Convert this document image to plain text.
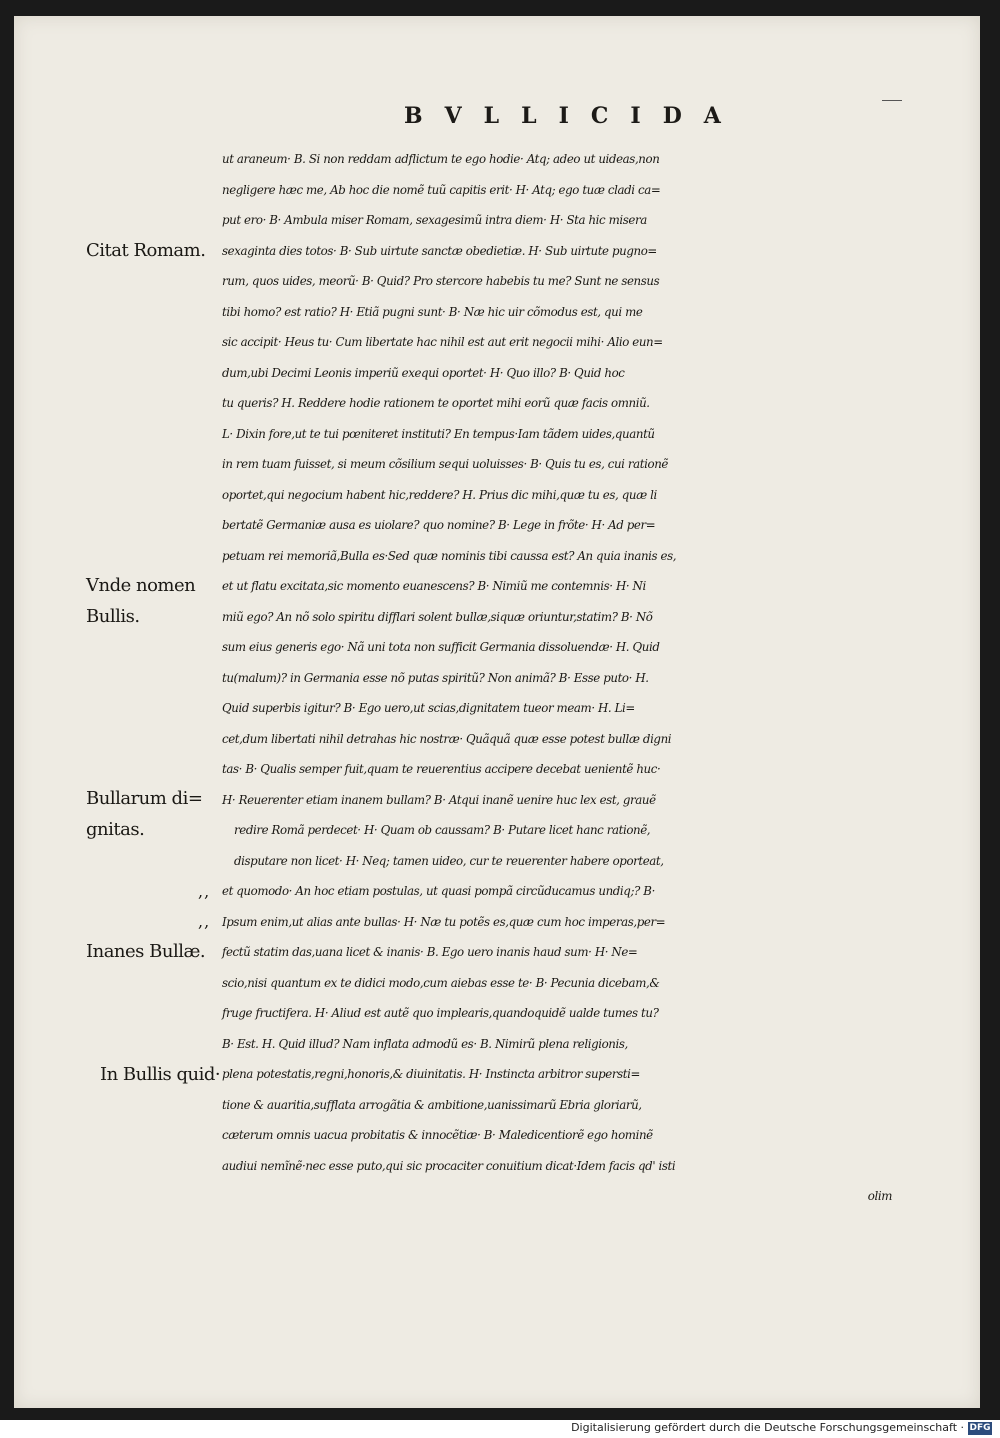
BVLLICIDA
ut araneum· B. Si non reddam adflictum te ego hodie· Atq; adeo ut uideas,non
negligere hæc me, Ab hoc die nomẽ tuũ capitis erit· H· Atq; ego tuæ cladi ca=
put ero· B· Ambula miser Romam, sexagesimũ intra diem· H· Sta hic misera
sexaginta dies totos· B· Sub uirtute sanctæ obedietiæ. H· Sub uirtute pugno=
rum, quos uides, meorũ· B· Quid? Pro stercore habebis tu me? Sunt ne sensus
tibi homo? est ratio? H· Etiã pugni sunt· B· Næ hic uir cõmodus est, qui me
sic accipit· Heus tu· Cum libertate hac nihil est aut erit negocii mihi· Alio eun=
dum,ubi Decimi Leonis imperiũ exequi oportet· H· Quo illo? B· Quid hoc
tu queris? H. Reddere hodie rationem te oportet mihi eorũ quæ facis omniũ.
L· Dixin fore,ut te tui pœniteret instituti? En tempus·Iam tãdem uides,quantũ
in rem tuam fuisset, si meum cõsilium sequi uoluisses· B· Quis tu es, cui rationẽ
oportet,qui negocium habent hic,reddere? H. Prius dic mihi,quæ tu es, quæ li
bertatẽ Germaniæ ausa es uiolare? quo nomine? B· Lege in frõte· H· Ad per=
petuam rei memoriã,Bulla es·Sed quæ nominis tibi caussa est? An quia inanis es,
et ut flatu excitata,sic momento euanescens? B· Nimiũ me contemnis· H· Ni
miũ ego? An nõ solo spiritu difflari solent bullæ,siquæ oriuntur,statim? B· Nõ
sum eius generis ego· Nã uni tota non sufficit Germania dissoluendæ· H. Quid
tu(malum)? in Germania esse nõ putas spiritũ? Non animã? B· Esse puto· H.
Quid superbis igitur? B· Ego uero,ut scias,dignitatem tueor meam· H. Li=
cet,dum libertati nihil detrahas hic nostræ· Quãquã quæ esse potest bullæ digni
tas· B· Qualis semper fuit,quam te reuerentius accipere decebat uenientẽ huc·
H· Reuerenter etiam inanem bullam? B· Atqui inanẽ uenire huc lex est, grauẽ
redire Romã perdecet· H· Quam ob caussam? B· Putare licet hanc rationẽ,
disputare non licet· H· Neq; tamen uideo, cur te reuerenter habere oporteat,
et quomodo· An hoc etiam postulas, ut quasi pompã circũducamus undiq;? B·
Ipsum enim,ut alias ante bullas· H· Næ tu potẽs es,quæ cum hoc imperas,per=
fectũ statim das,uana licet & inanis· B. Ego uero inanis haud sum· H· Ne=
scio,nisi quantum ex te didici modo,cum aiebas esse te· B· Pecunia dicebam,&
fruge fructifera. H· Aliud est autẽ quo implearis,quandoquidẽ ualde tumes tu?
B· Est. H. Quid illud? Nam inflata admodũ es· B. Nimirũ plena religionis,
plena potestatis,regni,honoris,& diuinitatis. H· Instincta arbitror supersti=
tione & auaritia,sufflata arrogãtia & ambitione,uanissimarũ Ebria gloriarũ,
cæterum omnis uacua probitatis & innocẽtiæ· B· Maledicentiorẽ ego hominẽ
audiui nemĩnẽ·nec esse puto,qui sic procaciter conuitium dicat·Idem facis qd' isti
olim
Citat Romam.
Vnde nomen
Bullis.
Bullarum di=
gnitas.
Inanes Bullæ.
In Bullis quid·
,,
,,
Digitalisierung gefördert durch die Deutsche Forschungsgemeinschaft · DFG
